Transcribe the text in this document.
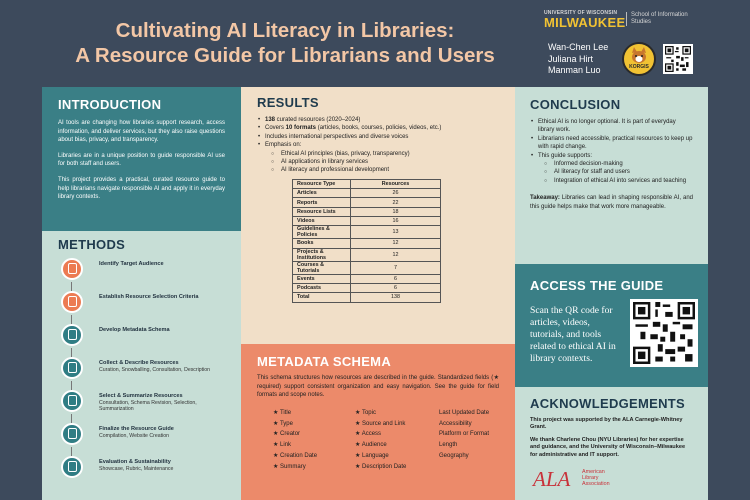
Cultivating AI Literacy in Libraries:
A Resource Guide for Librarians and Users
UNIVERSITY OF WISCONSIN
MILWAUKEE School of Information Studies
Wan-Chen Lee
Juliana Hirt
Manman Luo	KORGIS
INTRODUCTION

AI tools are changing how libraries support research, access information, and deliver services, but they also raise questions about bias, privacy, and transparency.

Libraries are in a unique position to guide responsible AI use for both staff and users.

This project provides a practical, curated resource guide to help librarians navigate responsible AI and apply it in everyday library contexts.

METHODS
Identify Target Audience
Establish Resource Selection Criteria
Develop Metadata Schema
Collect & Describe Resources
Curation, Snowballing, Consultation, Description
Select & Summarize Resources
Consultation, Schema Revision, Selection, Summarization
Finalize the Resource Guide
Compilation, Website Creation
Evaluation & Sustainability
Showcase, Rubric, Maintenance
RESULTS
• 138 curated resources (2020–2024)
• Covers 10 formats (articles, books, courses, policies, videos, etc.)
• Includes international perspectives and diverse voices
• Emphasis on:
○ Ethical AI principles (bias, privacy, transparency)
○ AI applications in library services
○ AI literacy and professional development
Resource Type	Resources
Articles	26
Reports	22
Resource Lists	18
Videos	16
Guidelines & Policies	13
Books	12
Projects & Institutions	12
Courses & Tutorials	7
Events	6
Podcasts	6
Total	138
METADATA SCHEMA

This schema structures how resources are described in the guide. Standardized fields (★ required) support consistent organization and easy navigation. See the guide for field formats and scope notes.

★ Title
★ Type
★ Creator
★ Link
★ Creation Date
★ Summary
★ Topic
★ Source and Link
★ Access
★ Audience
★ Language
★ Description Date
Last Updated Date
Accessibility
Platform or Format
Length
Geography
CONCLUSION
• Ethical AI is no longer optional. It is part of everyday library work.
• Librarians need accessible, practical resources to keep up with rapid change.
• This guide supports:
○ Informed decision-making
○ AI literacy for staff and users
○ Integration of ethical AI into services and teaching

Takeaway: Libraries can lead in shaping responsible AI, and this guide helps make that work more manageable.

ACCESS THE GUIDE
Scan the QR code for articles, videos, tutorials, and tools related to ethical AI in library contexts.
ACKNOWLEDGEMENTS

This project was supported by the ALA Carnegie-Whitney Grant.

We thank Charlene Chou (NYU Libraries) for her expertise and guidance, and the University of Wisconsin–Milwaukee for administrative and IT support.

ALA American
Library
Association
